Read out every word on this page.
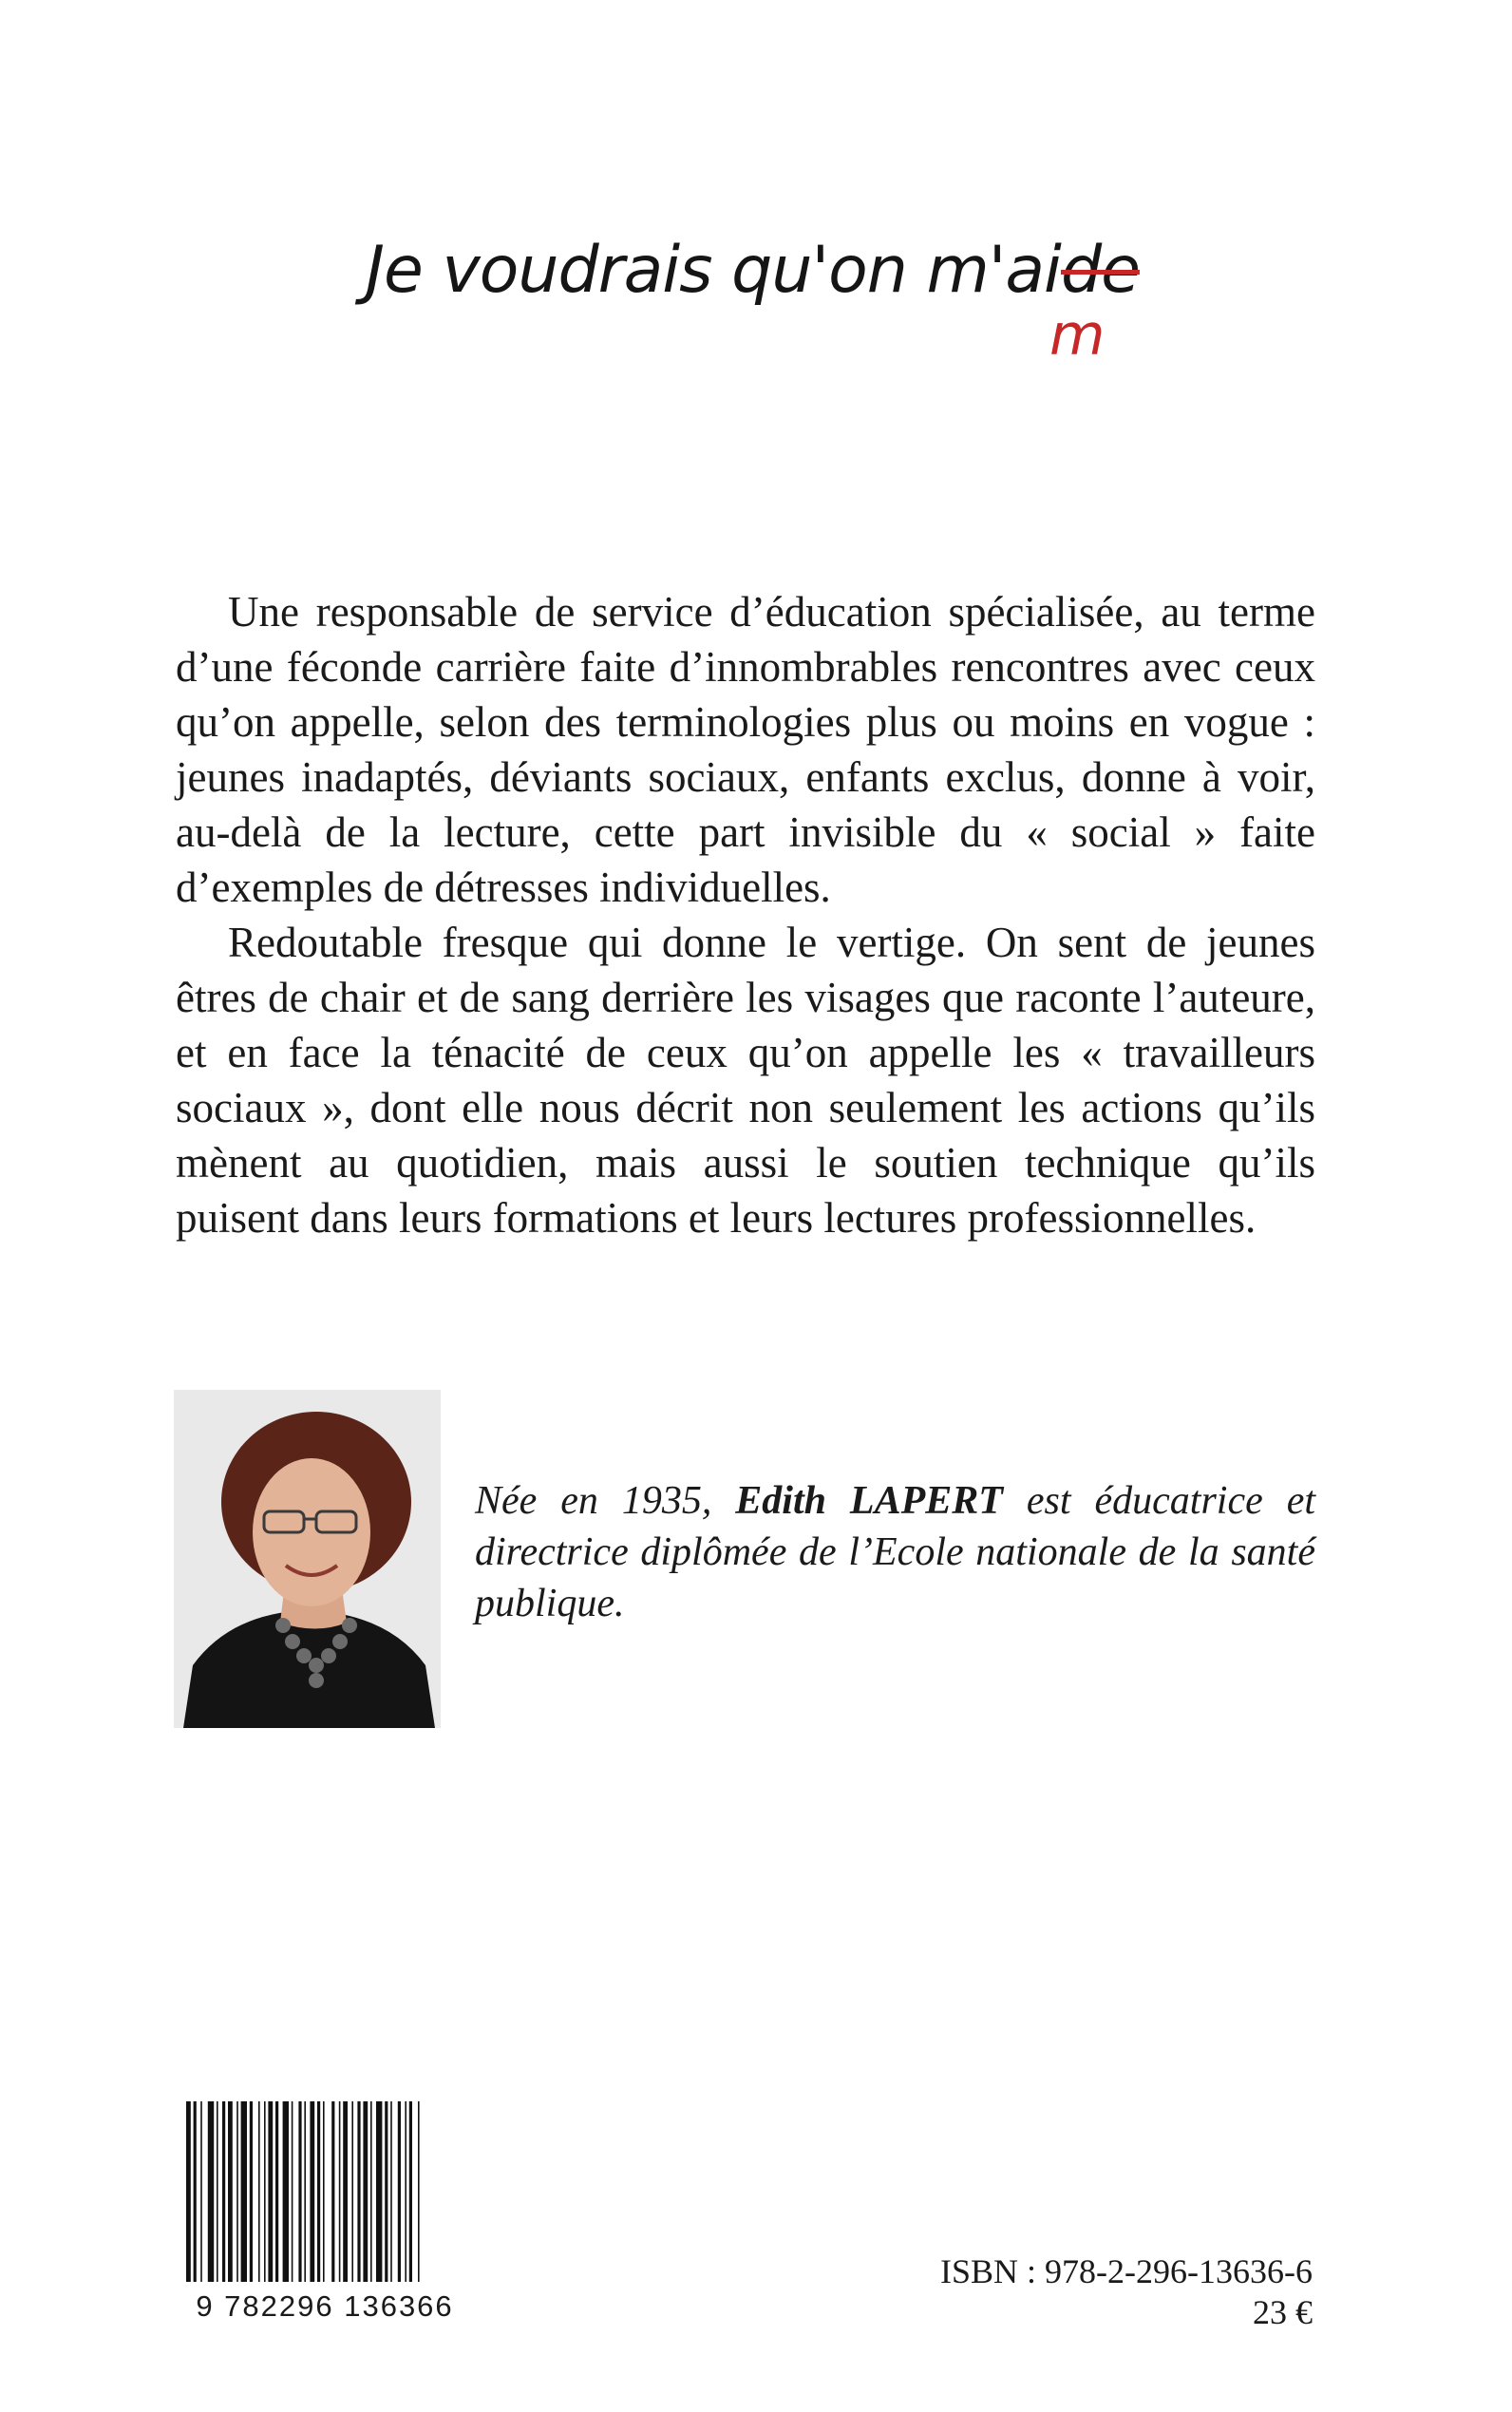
Je voudrais qu'on m'aide
m

Une responsable de service d’éducation spécialisée, au terme d’une féconde carrière faite d’innombrables rencontres avec ceux qu’on appelle, selon des terminologies plus ou moins en vogue : jeunes inadaptés, déviants sociaux, enfants exclus, donne à voir, au-delà de la lecture, cette part invisible du « social » faite d’exemples de détresses individuelles.

Redoutable fresque qui donne le vertige. On sent de jeunes êtres de chair et de sang derrière les visages que raconte l’auteure, et en face la ténacité de ceux qu’on appelle les « travailleurs sociaux », dont elle nous décrit non seulement les actions qu’ils mènent au quotidien, mais aussi le soutien technique qu’ils puisent dans leurs formations et leurs lectures professionnelles.

Née en 1935, Edith LAPERT est éducatrice et directrice diplômée de l’Ecole nationale de la santé publique.
9 782296 136366
ISBN : 978-2-296-13636-6
23 €
